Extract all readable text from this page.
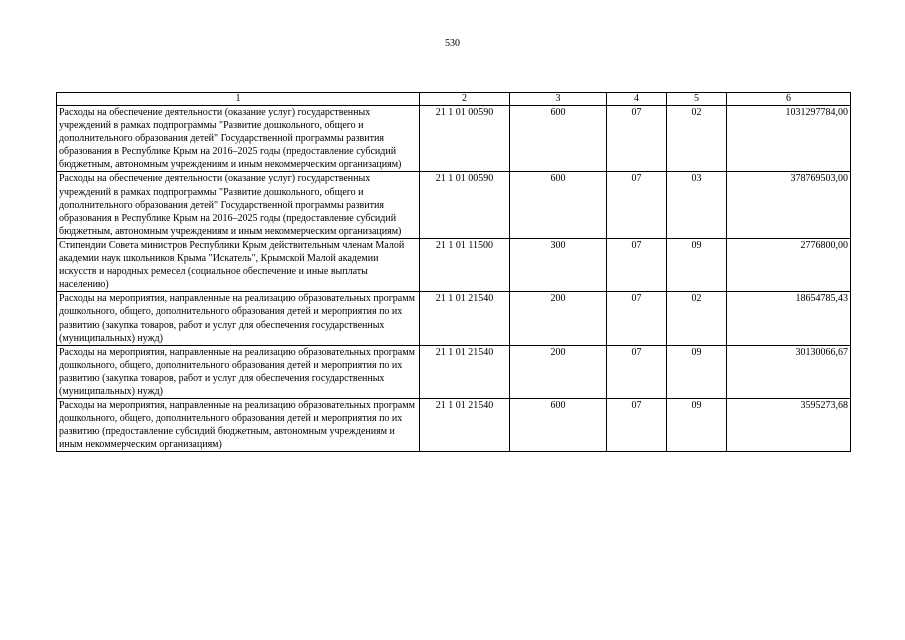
530
1	2	3	4	5	6
Расходы на обеспечение деятельности (оказание услуг) государственных учреждений в рамках подпрограммы "Развитие дошкольного, общего и дополнительного образования детей" Государственной программы развития образования в Республике Крым на 2016–2025 годы (предоставление субсидий бюджетным, автономным учреждениям и иным некоммерческим организациям)	21 1 01 00590	600	07	02	1031297784,00
Расходы на обеспечение деятельности (оказание услуг) государственных учреждений в рамках подпрограммы "Развитие дошкольного, общего и дополнительного образования детей" Государственной программы развития образования в Республике Крым на 2016–2025 годы (предоставление субсидий бюджетным, автономным учреждениям и иным некоммерческим организациям)	21 1 01 00590	600	07	03	378769503,00
Стипендии Совета министров Республики Крым действительным членам Малой академии наук школьников Крыма "Искатель", Крымской Малой академии искусств и народных ремесел (социальное обеспечение и иные выплаты населению)	21 1 01 11500	300	07	09	2776800,00
Расходы на мероприятия, направленные на реализацию образовательных программ дошкольного, общего, дополнительного образования детей и мероприятия по их развитию (закупка товаров, работ и услуг для обеспечения государственных (муниципальных) нужд)	21 1 01 21540	200	07	02	18654785,43
Расходы на мероприятия, направленные на реализацию образовательных программ дошкольного, общего, дополнительного образования детей и мероприятия по их развитию (закупка товаров, работ и услуг для обеспечения государственных (муниципальных) нужд)	21 1 01 21540	200	07	09	30130066,67
Расходы на мероприятия, направленные на реализацию образовательных программ дошкольного, общего, дополнительного образования детей и мероприятия по их развитию (предоставление субсидий бюджетным, автономным учреждениям и иным некоммерческим организациям)	21 1 01 21540	600	07	09	3595273,68
